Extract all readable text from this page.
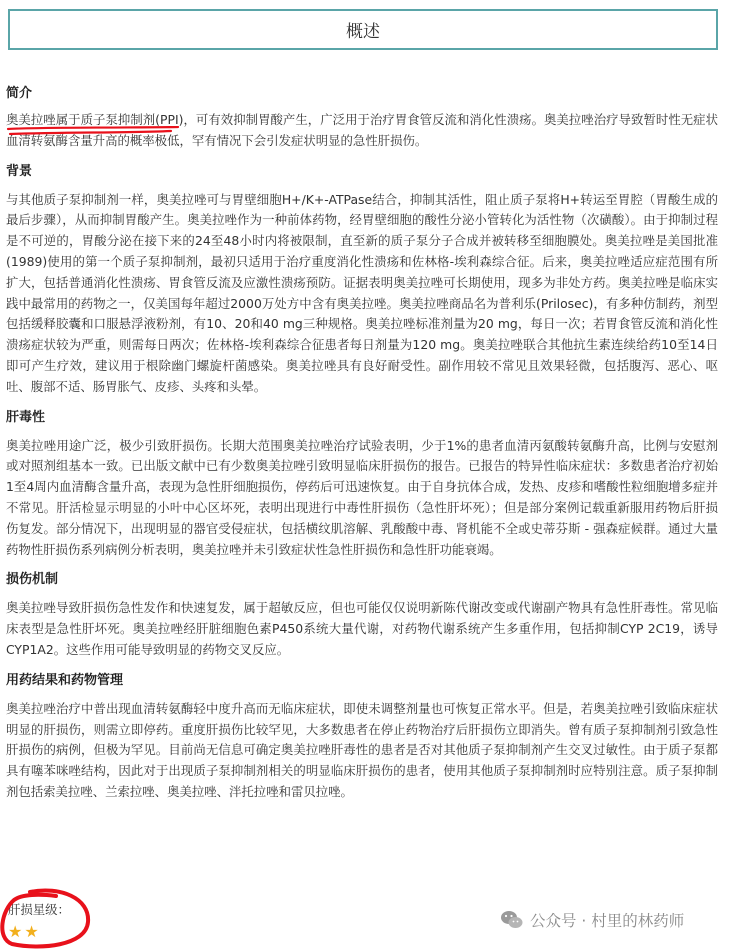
概述
简介

奥美拉唑属于质子泵抑制剂(PPI)，可有效抑制胃酸产生，广泛用于治疗胃食管反流和消化性溃疡。奥美拉唑治疗导致暂时性无症状血清转氨酶含量升高的概率极低，罕有情况下会引发症状明显的急性肝损伤。

背景

与其他质子泵抑制剂一样，奥美拉唑可与胃壁细胞H+/K+-ATPase结合，抑制其活性，阻止质子泵将H+转运至胃腔（胃酸生成的最后步骤），从而抑制胃酸产生。奥美拉唑作为一种前体药物，经胃壁细胞的酸性分泌小管转化为活性物（次磺酸）。由于抑制过程是不可逆的，胃酸分泌在接下来的24至48小时内将被限制，直至新的质子泵分子合成并被转移至细胞膜处。奥美拉唑是美国批准(1989)使用的第一个质子泵抑制剂，最初只适用于治疗重度消化性溃疡和佐林格-埃利森综合征。后来，奥美拉唑适应症范围有所扩大，包括普通消化性溃疡、胃食管反流及应激性溃疡预防。证据表明奥美拉唑可长期使用，现多为非处方药。奥美拉唑是临床实践中最常用的药物之一，仅美国每年超过2000万处方中含有奥美拉唑。奥美拉唑商品名为普利乐(Prilosec)，有多种仿制药，剂型包括缓释胶囊和口服悬浮液粉剂，有10、20和40 mg三种规格。奥美拉唑标准剂量为20 mg，每日一次；若胃食管反流和消化性溃疡症状较为严重，则需每日两次；佐林格-埃利森综合征患者每日剂量为120 mg。奥美拉唑联合其他抗生素连续给药10至14日即可产生疗效，建议用于根除幽门螺旋杆菌感染。奥美拉唑具有良好耐受性。副作用较不常见且效果轻微，包括腹泻、恶心、呕吐、腹部不适、肠胃胀气、皮疹、头疼和头晕。

肝毒性

奥美拉唑用途广泛，极少引致肝损伤。长期大范围奥美拉唑治疗试验表明，少于1%的患者血清丙氨酸转氨酶升高，比例与安慰剂或对照剂组基本一致。已出版文献中已有少数奥美拉唑引致明显临床肝损伤的报告。已报告的特异性临床症状：多数患者治疗初始1至4周内血清酶含量升高，表现为急性肝细胞损伤，停药后可迅速恢复。由于自身抗体合成，发热、皮疹和嗜酸性粒细胞增多症并不常见。肝活检显示明显的小叶中心区坏死，表明出现进行中毒性肝损伤（急性肝坏死）；但是部分案例记载重新服用药物后肝损伤复发。部分情况下，出现明显的器官受侵症状，包括横纹肌溶解、乳酸酸中毒、肾机能不全或史蒂芬斯 - 强森症候群。通过大量药物性肝损伤系列病例分析表明，奥美拉唑并未引致症状性急性肝损伤和急性肝功能衰竭。

损伤机制

奥美拉唑导致肝损伤急性发作和快速复发，属于超敏反应，但也可能仅仅说明新陈代谢改变或代谢副产物具有急性肝毒性。常见临床表型是急性肝坏死。奥美拉唑经肝脏细胞色素P450系统大量代谢，对药物代谢系统产生多重作用，包括抑制CYP 2C19，诱导CYP1A2。这些作用可能导致明显的药物交叉反应。

用药结果和药物管理

奥美拉唑治疗中普出现血清转氨酶轻中度升高而无临床症状，即使未调整剂量也可恢复正常水平。但是，若奥美拉唑引致临床症状明显的肝损伤，则需立即停药。重度肝损伤比较罕见，大多数患者在停止药物治疗后肝损伤立即消失。曾有质子泵抑制剂引致急性肝损伤的病例，但极为罕见。目前尚无信息可确定奥美拉唑肝毒性的患者是否对其他质子泵抑制剂产生交叉过敏性。由于质子泵都具有噻苯咪唑结构，因此对于出现质子泵抑制剂相关的明显临床肝损伤的患者，使用其他质子泵抑制剂时应特别注意。质子泵抑制剂包括索美拉唑、兰索拉唑、奥美拉唑、泮托拉唑和雷贝拉唑。

肝损星级：
★ ★
公众号 · 村里的林药师
